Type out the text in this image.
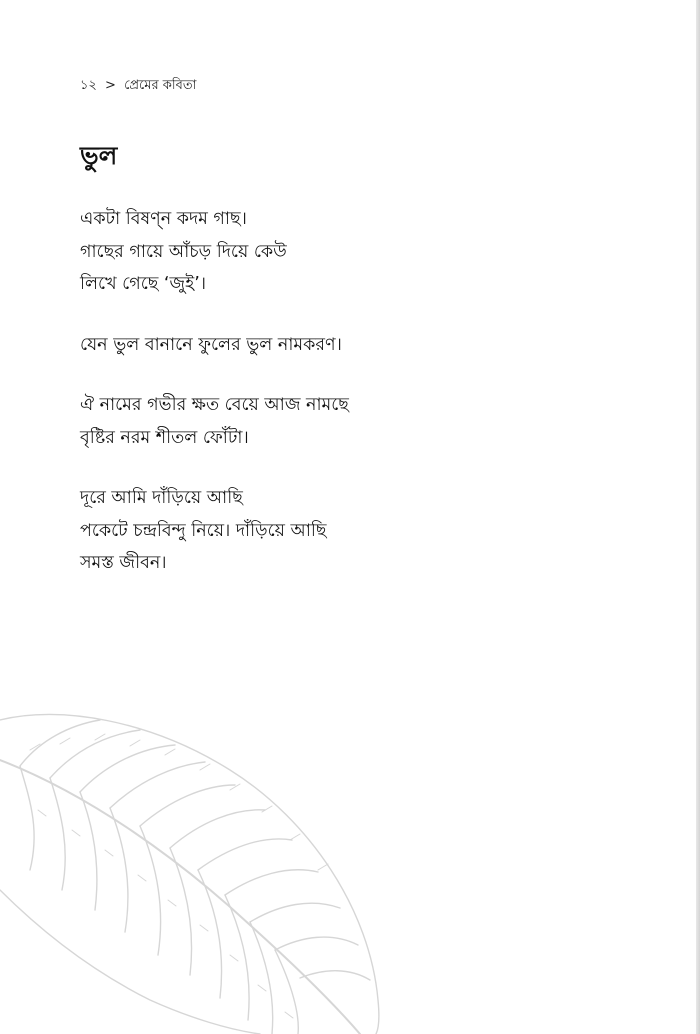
১২ > প্রেমের কবিতা
ভুল
একটা বিষণ্ন কদম গাছ।
গাছের গায়ে আঁচড় দিয়ে কেউ
লিখে গেছে ‘জুই’।
যেন ভুল বানানে ফুলের ভুল নামকরণ।
ঐ নামের গভীর ক্ষত বেয়ে আজ নামছে
বৃষ্টির নরম শীতল ফোঁটা।
দূরে আমি দাঁড়িয়ে আছি
পকেটে চন্দ্রবিন্দু নিয়ে। দাঁড়িয়ে আছি
সমস্ত জীবন।
